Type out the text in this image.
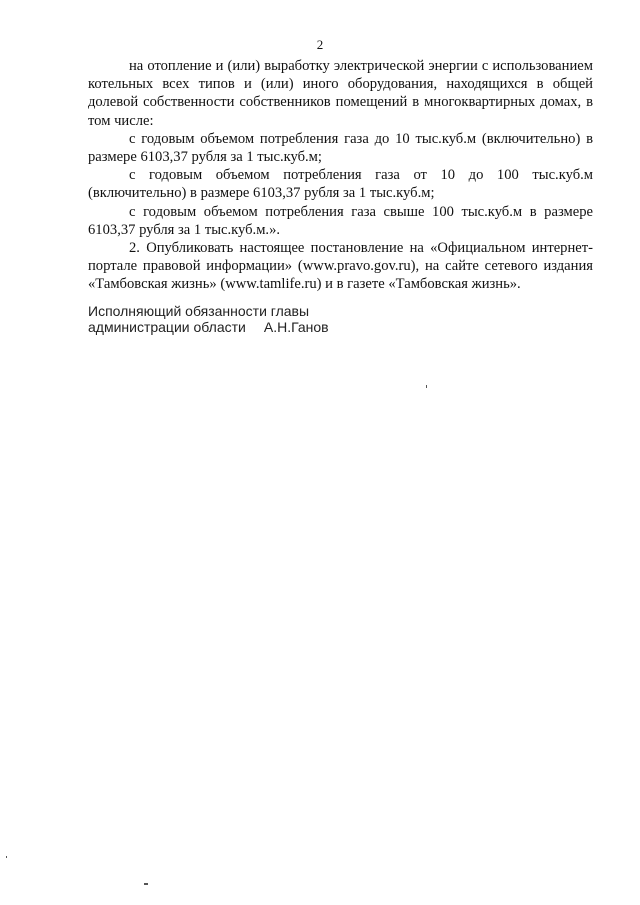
2

на отопление и (или) выработку электрической энергии с использованием котельных всех типов и (или) иного оборудования, находящихся в общей долевой собственности собственников помещений в многоквартирных домах, в том числе:

с годовым объемом потребления газа до 10 тыс.куб.м (включительно) в размере 6103,37 рубля за 1 тыс.куб.м;

с годовым объемом потребления газа от 10 до 100 тыс.куб.м (включительно) в размере 6103,37 рубля за 1 тыс.куб.м;

с годовым объемом потребления газа свыше 100 тыс.куб.м в размере 6103,37 рубля за 1 тыс.куб.м.».

2. Опубликовать настоящее постановление на «Официальном интернет-портале правовой информации» (www.pravo.gov.ru), на сайте сетевого издания «Тамбовская жизнь» (www.tamlife.ru) и в газете «Тамбовская жизнь».

Исполняющий обязанности главы
администрации области А.Н.Ганов
